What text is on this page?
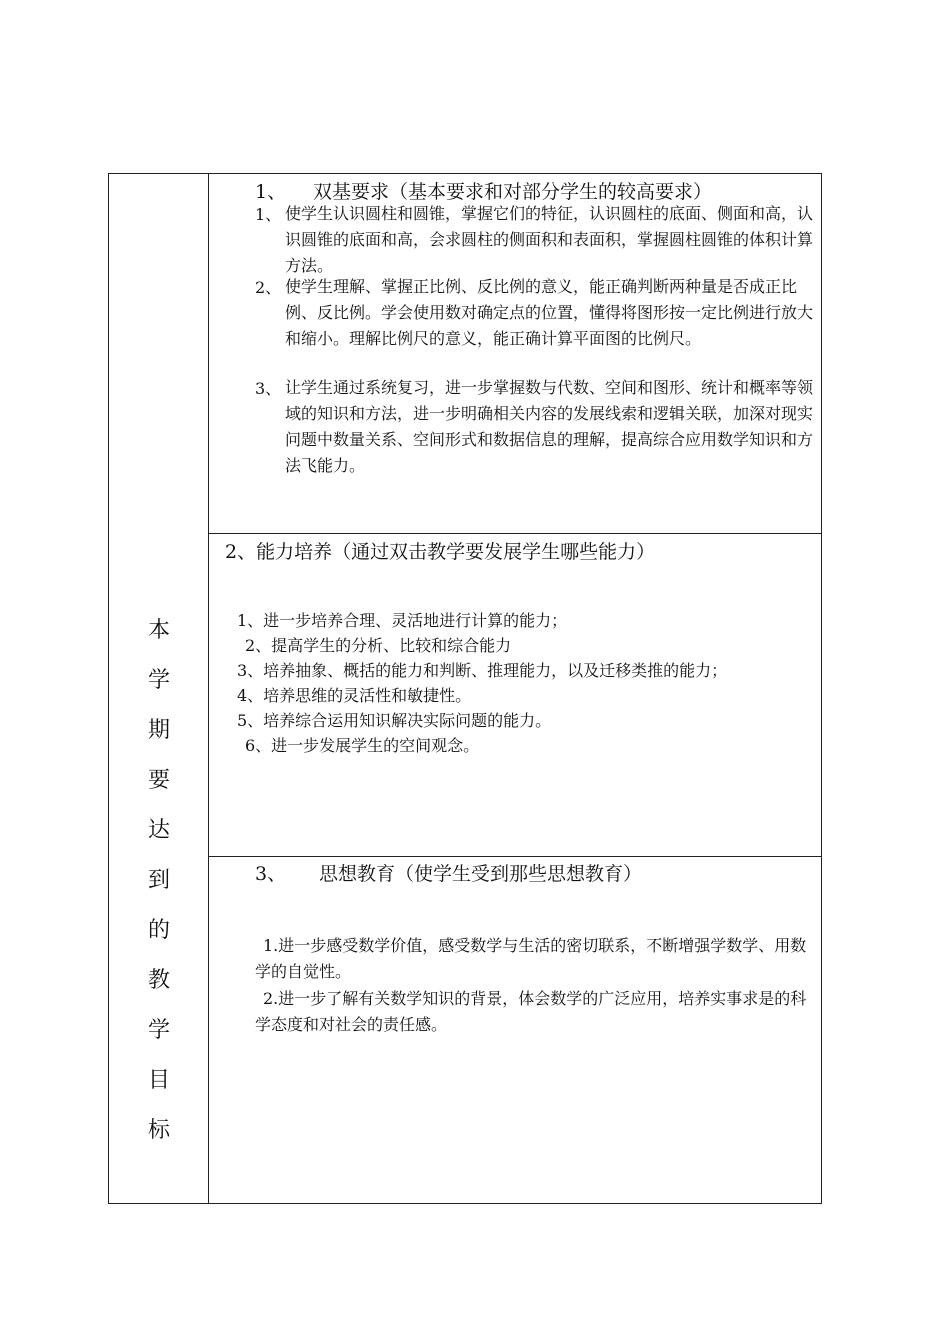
本
学
期
要
达
到
的
教
学
目
标
1、 双基要求（基本要求和对部分学生的较高要求）
1、 使学生认识圆柱和圆锥，掌握它们的特征，认识圆柱的底面、侧面和高，认识圆锥的底面和高，会求圆柱的侧面积和表面积，掌握圆柱圆锥的体积计算方法。
2、 使学生理解、掌握正比例、反比例的意义，能正确判断两种量是否成正比例、反比例。学会使用数对确定点的位置，懂得将图形按一定比例进行放大和缩小。理解比例尺的意义，能正确计算平面图的比例尺。
3、 让学生通过系统复习，进一步掌握数与代数、空间和图形、统计和概率等领域的知识和方法，进一步明确相关内容的发展线索和逻辑关联，加深对现实问题中数量关系、空间形式和数据信息的理解，提高综合应用数学知识和方法飞能力。
2、能力培养（通过双击教学要发展学生哪些能力）
1、进一步培养合理、灵活地进行计算的能力；
2、提高学生的分析、比较和综合能力
3、培养抽象、概括的能力和判断、推理能力，以及迁移类推的能力；
4、培养思维的灵活性和敏捷性。
5、培养综合运用知识解决实际问题的能力。
6、进一步发展学生的空间观念。
3、 思想教育（使学生受到那些思想教育）
1.进一步感受数学价值，感受数学与生活的密切联系，不断增强学数学、用数学的自觉性。
2.进一步了解有关数学知识的背景，体会数学的广泛应用，培养实事求是的科学态度和对社会的责任感。
